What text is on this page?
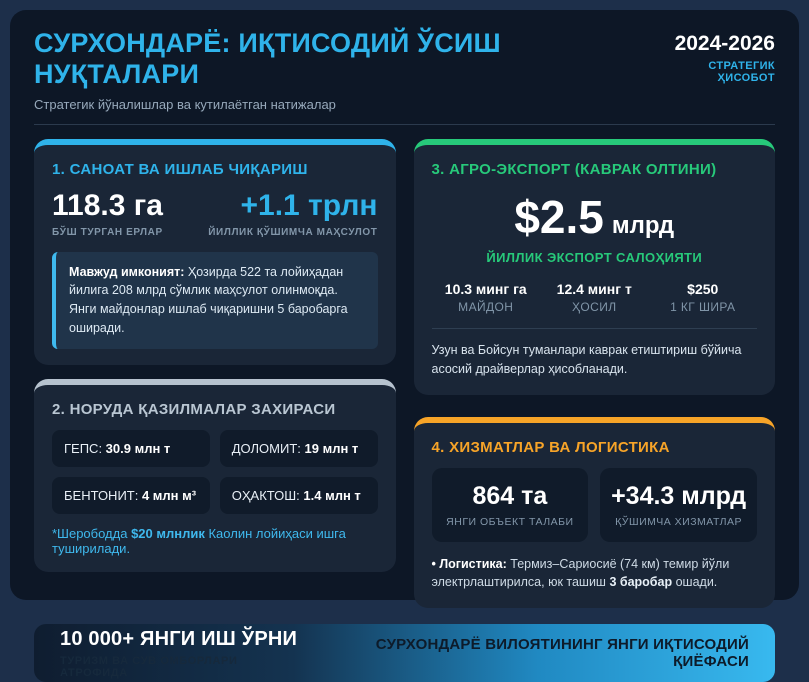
СУРХОНДАРЁ: ИҚТИСОДИЙ ЎСИШ НУҚТАЛАРИ
Стратегик йўналишлар ва кутилаётган натижалар
2024-2026
СТРАТЕГИК ҲИСОБОТ
1. САНОАТ ВА ИШЛАБ ЧИҚАРИШ
118.3 га
БЎШ ТУРГАН ЕРЛАР
+1.1 трлн
ЙИЛЛИК ҚЎШИМЧА МАҲСУЛОТ
Мавжуд имконият: Ҳозирда 522 та лойиҳадан йилига 208 млрд сўмлик маҳсулот олинмоқда. Янги майдонлар ишлаб чиқаришни 5 баробарга оширади.
2. НОРУДА ҚАЗИЛМАЛАР ЗАХИРАСИ
ГЕПС: 30.9 млн т	ДОЛОМИТ: 19 млн т
БЕНТОНИТ: 4 млн м³	ОҲАКТОШ: 1.4 млн т
*Шерободда $20 млнлик Каолин лойиҳаси ишга туширилади.
3. АГРО-ЭКСПОРТ (КАВРАК ОЛТИНИ)
$2.5 млрд
ЙИЛЛИК ЭКСПОРТ САЛОҲИЯТИ
10.3 минг га
МАЙДОН
12.4 минг т
ҲОСИЛ
$250
1 КГ ШИРА
Узун ва Бойсун туманлари каврак етиштириш бўйича асосий драйверлар ҳисобланади.
4. ХИЗМАТЛАР ВА ЛОГИСТИКА
864 та
ЯНГИ ОБЪЕКТ ТАЛАБИ
+34.3 млрд
ҚЎШИМЧА ХИЗМАТЛАР
• Логистика: Термиз–Сариосиё (74 км) темир йўли электрлаштирилса, юк ташиш 3 баробар ошади.
10 000+ ЯНГИ ИШ ЎРНИ
ТУРИЗМ ВА СУВ ОМБОРЛАРИ АТРОФИДА
СУРХОНДАРЁ ВИЛОЯТИНИНГ ЯНГИ ИҚТИСОДИЙ ҚИЁФАСИ
